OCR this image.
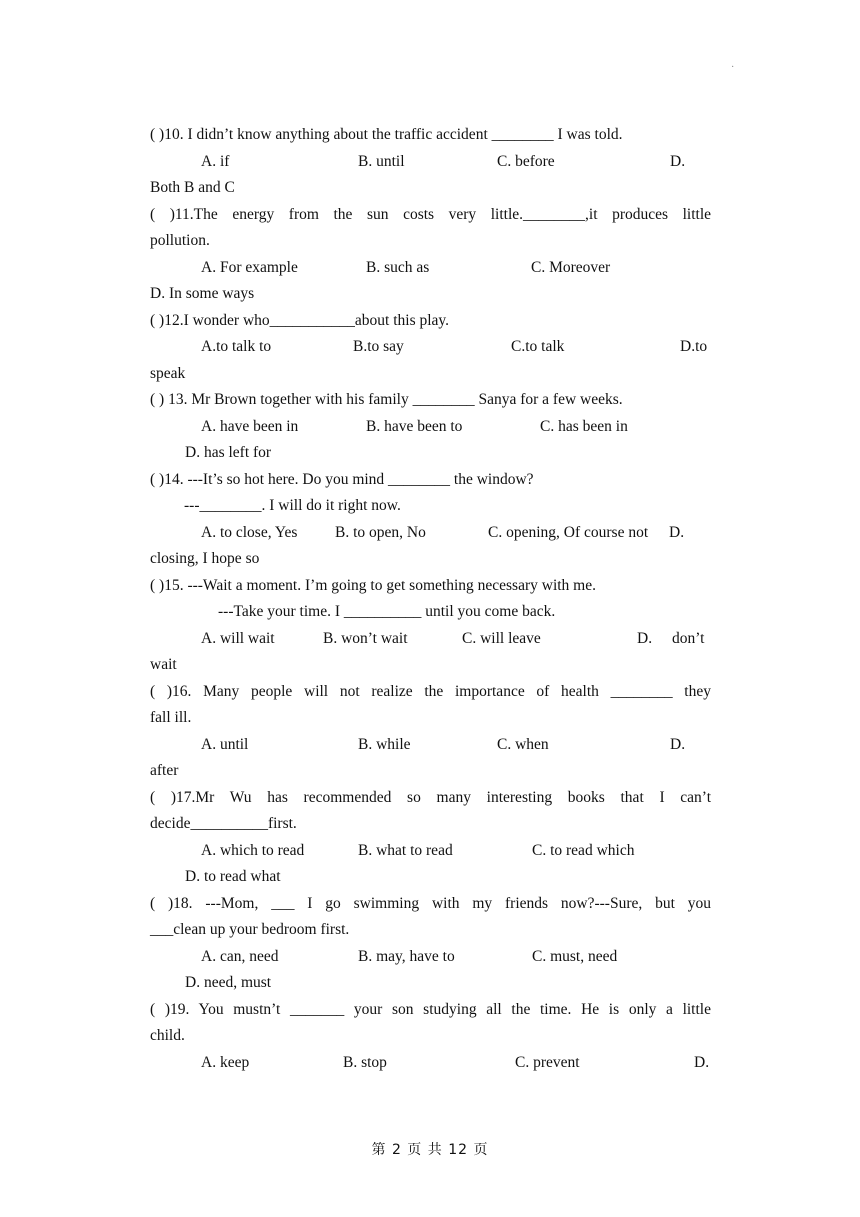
·
( )10. I didn’t know anything about the traffic accident ________ I was told.
A. if	B. until	C. before	D.
Both B and C
( )11.The energy from the sun costs very little.________,it produces little
pollution.
A. For example	B. such as	C. Moreover
D. In some ways
( )12.I wonder who___________about this play.
A.to talk to	B.to say	C.to talk	D.to
speak
( ) 13. Mr Brown together with his family ________ Sanya for a few weeks.
A. have been in	B. have been to	C. has been in
D. has left for
( )14. ---It’s so hot here. Do you mind ________ the window?
---________. I will do it right now.
A. to close, Yes B. to open, No	C. opening, Of course not D.
closing, I hope so
( )15. ---Wait a moment. I’m going to get something necessary with me.
---Take your time. I __________ until you come back.
A. will wait	B. won’t wait	C. will leave	D. don’t
wait
( )16. Many people will not realize the importance of health ________ they
fall ill.
A. until	B. while	C. when	D.
after
( )17.Mr Wu has recommended so many interesting books that I can’t
decide__________first.
A. which to read	B. what to read	C. to read which
D. to read what
( )18. ---Mom, ___ I go swimming with my friends now?---Sure, but you
___clean up your bedroom first.
A. can, need	B. may, have to	C. must, need
D. need, must
( )19. You mustn’t _______ your son studying all the time. He is only a little
child.
A. keep	B. stop	C. prevent	D.
第 2 页 共 12 页
